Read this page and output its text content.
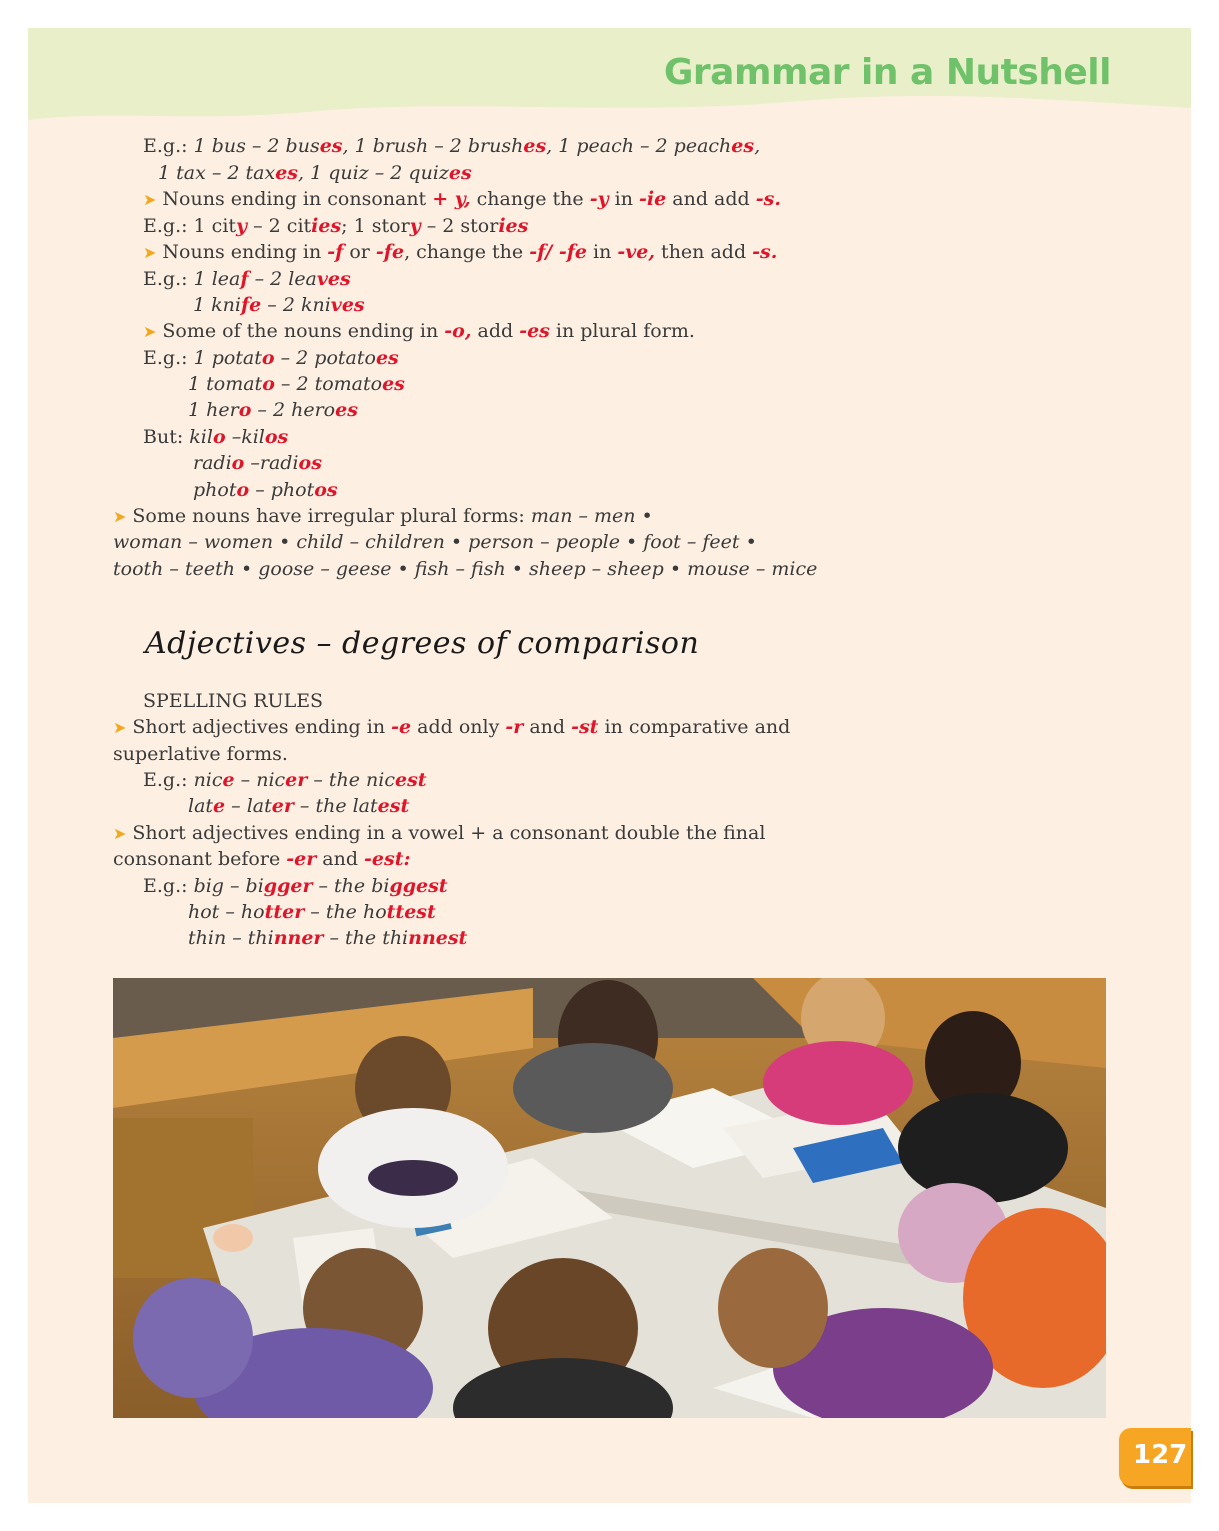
Grammar in a Nutshell
E.g.: 1 bus – 2 buses, 1 brush – 2 brushes, 1 peach – 2 peaches,
1 tax – 2 taxes, 1 quiz – 2 quizes
➤ Nouns ending in consonant + y, change the -y in -ie and add -s.
E.g.: 1 city – 2 cities; 1 story – 2 stories
➤ Nouns ending in -f or -fe, change the -f/ -fe in -ve, then add -s.
E.g.: 1 leaf – 2 leaves
1 knife – 2 knives
➤ Some of the nouns ending in -o, add -es in plural form.
E.g.: 1 potato – 2 potatoes
1 tomato – 2 tomatoes
1 hero – 2 heroes
But: kilo –kilos
radio –radios
photo – photos
➤ Some nouns have irregular plural forms: man – men •
woman – women • child – children • person – people • foot – feet •
tooth – teeth • goose – geese • fish – fish • sheep – sheep • mouse – mice
Adjectives – degrees of comparison
SPELLING RULES
➤ Short adjectives ending in -e add only -r and -st in comparative and
superlative forms.
E.g.: nice – nicer – the nicest
late – later – the latest
➤ Short adjectives ending in a vowel + a consonant double the final
consonant before -er and -est:
E.g.: big – bigger – the biggest
hot – hotter – the hottest
thin – thinner – the thinnest
127
